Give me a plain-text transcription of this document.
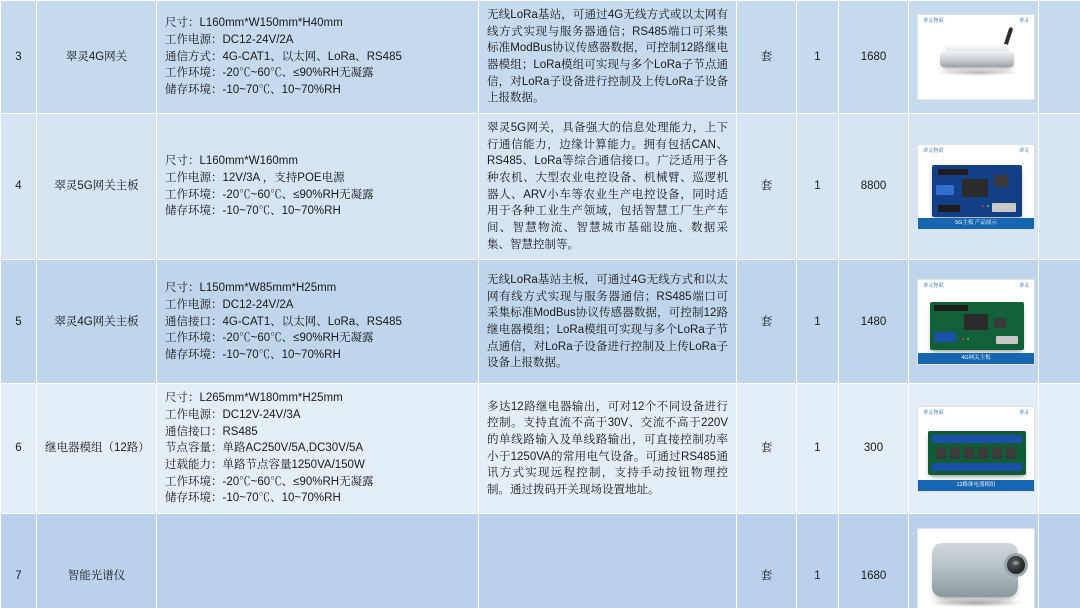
3	翠灵4G网关	
尺寸：L160mm*W150mm*H40mm
工作电源：DC12-24V/2A
通信方式：4G-CAT1、以太网、LoRa、RS485
工作环境：-20℃~60℃、≤90%RH无凝露
储存环境：-10~70℃、10~70%RH
	无线LoRa基站，可通过4G无线方式或以太网有线方式实现与服务器通信；RS485端口可采集标准ModBus协议传感器数据，可控制12路继电器模组；LoRa模组可实现与多个LoRa子节点通信，对LoRa子设备进行控制及上传LoRa子设备上报数据。	套	1	1680	
翠灵物联	翠灵

4	翠灵5G网关主板	
尺寸：L160mm*W160mm
工作电源：12V/3A ，支持POE电源
工作环境：-20℃~60℃、≤90%RH无凝露
储存环境：-10~70℃、10~70%RH
	翠灵5G网关，具备强大的信息处理能力，上下行通信能力，边缘计算能力。拥有包括CAN、RS485、LoRa等综合通信接口。广泛适用于各种农机、大型农业电控设备、机械臂、巡逻机器人、ARV小车等农业生产电控设备，同时适用于各种工业生产领域，包括智慧工厂生产车间、智慧物流、智慧城市基础设施、数据采集、智慧控制等。	套	1	8800	
翠灵物联	翠灵
5G主板 产品展示

5	翠灵4G网关主板	
尺寸：L150mm*W85mm*H25mm
工作电源：DC12-24V/2A
通信接口：4G-CAT1、以太网、LoRa、RS485
工作环境：-20℃~60℃、≤90%RH无凝露
储存环境：-10~70℃、10~70%RH
	无线LoRa基站主板，可通过4G无线方式和以太网有线方式实现与服务器通信；RS485端口可采集标准ModBus协议传感器数据，可控制12路继电器模组；LoRa模组可实现与多个LoRa子节点通信，对LoRa子设备进行控制及上传LoRa子设备上报数据。	套	1	1480	
翠灵物联	翠灵
4G网关主板

6	继电器模组（12路）	
尺寸：L265mm*W180mm*H25mm
工作电源：DC12V-24V/3A
通信接口：RS485
节点容量：单路AC250V/5A,DC30V/5A
过载能力：单路节点容量1250VA/150W
工作环境：-20℃~60℃、≤90%RH无凝露
储存环境：-10~70℃、10~70%RH
	多达12路继电器输出，可对12个不同设备进行控制。支持直流不高于30V、交流不高于220V的单线路输入及单线路输出，可直接控制功率小于1250VA的常用电气设备。可通过RS485通讯方式实现远程控制，支持手动按钮物理控制。通过拨码开关现场设置地址。	套	1	300	
翠灵物联	翠灵
12路继电器模组

7	智能光谱仪			套	1	1680	
